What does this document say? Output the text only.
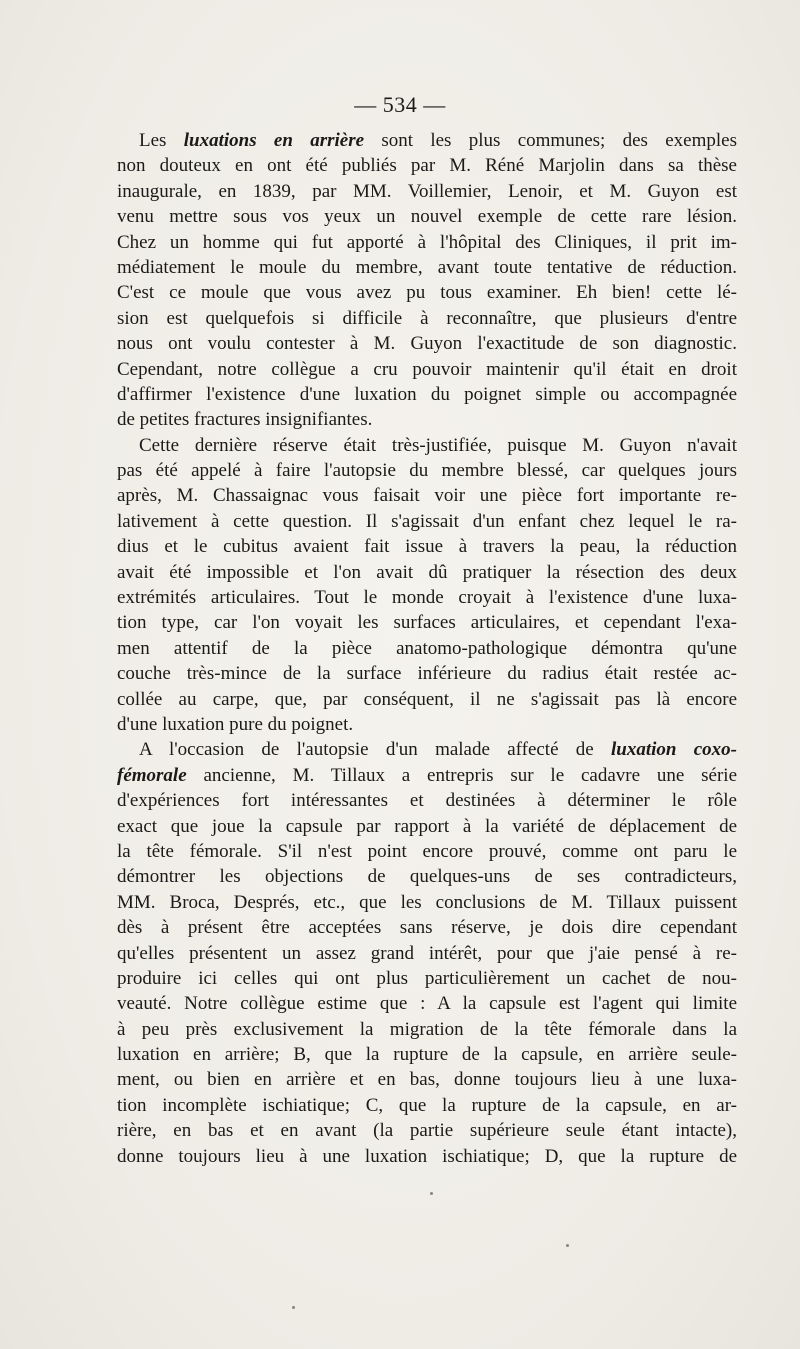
— 534 —
Les luxations en arrière sont les plus communes; des exemples
non douteux en ont été publiés par M. Réné Marjolin dans sa thèse
inaugurale, en 1839, par MM. Voillemier, Lenoir, et M. Guyon est
venu mettre sous vos yeux un nouvel exemple de cette rare lésion.
Chez un homme qui fut apporté à l'hôpital des Cliniques, il prit im-
médiatement le moule du membre, avant toute tentative de réduction.
C'est ce moule que vous avez pu tous examiner. Eh bien! cette lé-
sion est quelquefois si difficile à reconnaître, que plusieurs d'entre
nous ont voulu contester à M. Guyon l'exactitude de son diagnostic.
Cependant, notre collègue a cru pouvoir maintenir qu'il était en droit
d'affirmer l'existence d'une luxation du poignet simple ou accompagnée
de petites fractures insignifiantes.
Cette dernière réserve était très-justifiée, puisque M. Guyon n'avait
pas été appelé à faire l'autopsie du membre blessé, car quelques jours
après, M. Chassaignac vous faisait voir une pièce fort importante re-
lativement à cette question. Il s'agissait d'un enfant chez lequel le ra-
dius et le cubitus avaient fait issue à travers la peau, la réduction
avait été impossible et l'on avait dû pratiquer la résection des deux
extrémités articulaires. Tout le monde croyait à l'existence d'une luxa-
tion type, car l'on voyait les surfaces articulaires, et cependant l'exa-
men attentif de la pièce anatomo-pathologique démontra qu'une
couche très-mince de la surface inférieure du radius était restée ac-
collée au carpe, que, par conséquent, il ne s'agissait pas là encore
d'une luxation pure du poignet.
A l'occasion de l'autopsie d'un malade affecté de luxation coxo-
fémorale ancienne, M. Tillaux a entrepris sur le cadavre une série
d'expériences fort intéressantes et destinées à déterminer le rôle
exact que joue la capsule par rapport à la variété de déplacement de
la tête fémorale. S'il n'est point encore prouvé, comme ont paru le
démontrer les objections de quelques-uns de ses contradicteurs,
MM. Broca, Després, etc., que les conclusions de M. Tillaux puissent
dès à présent être acceptées sans réserve, je dois dire cependant
qu'elles présentent un assez grand intérêt, pour que j'aie pensé à re-
produire ici celles qui ont plus particulièrement un cachet de nou-
veauté. Notre collègue estime que : A la capsule est l'agent qui limite
à peu près exclusivement la migration de la tête fémorale dans la
luxation en arrière; B, que la rupture de la capsule, en arrière seule-
ment, ou bien en arrière et en bas, donne toujours lieu à une luxa-
tion incomplète ischiatique; C, que la rupture de la capsule, en ar-
rière, en bas et en avant (la partie supérieure seule étant intacte),
donne toujours lieu à une luxation ischiatique; D, que la rupture de
